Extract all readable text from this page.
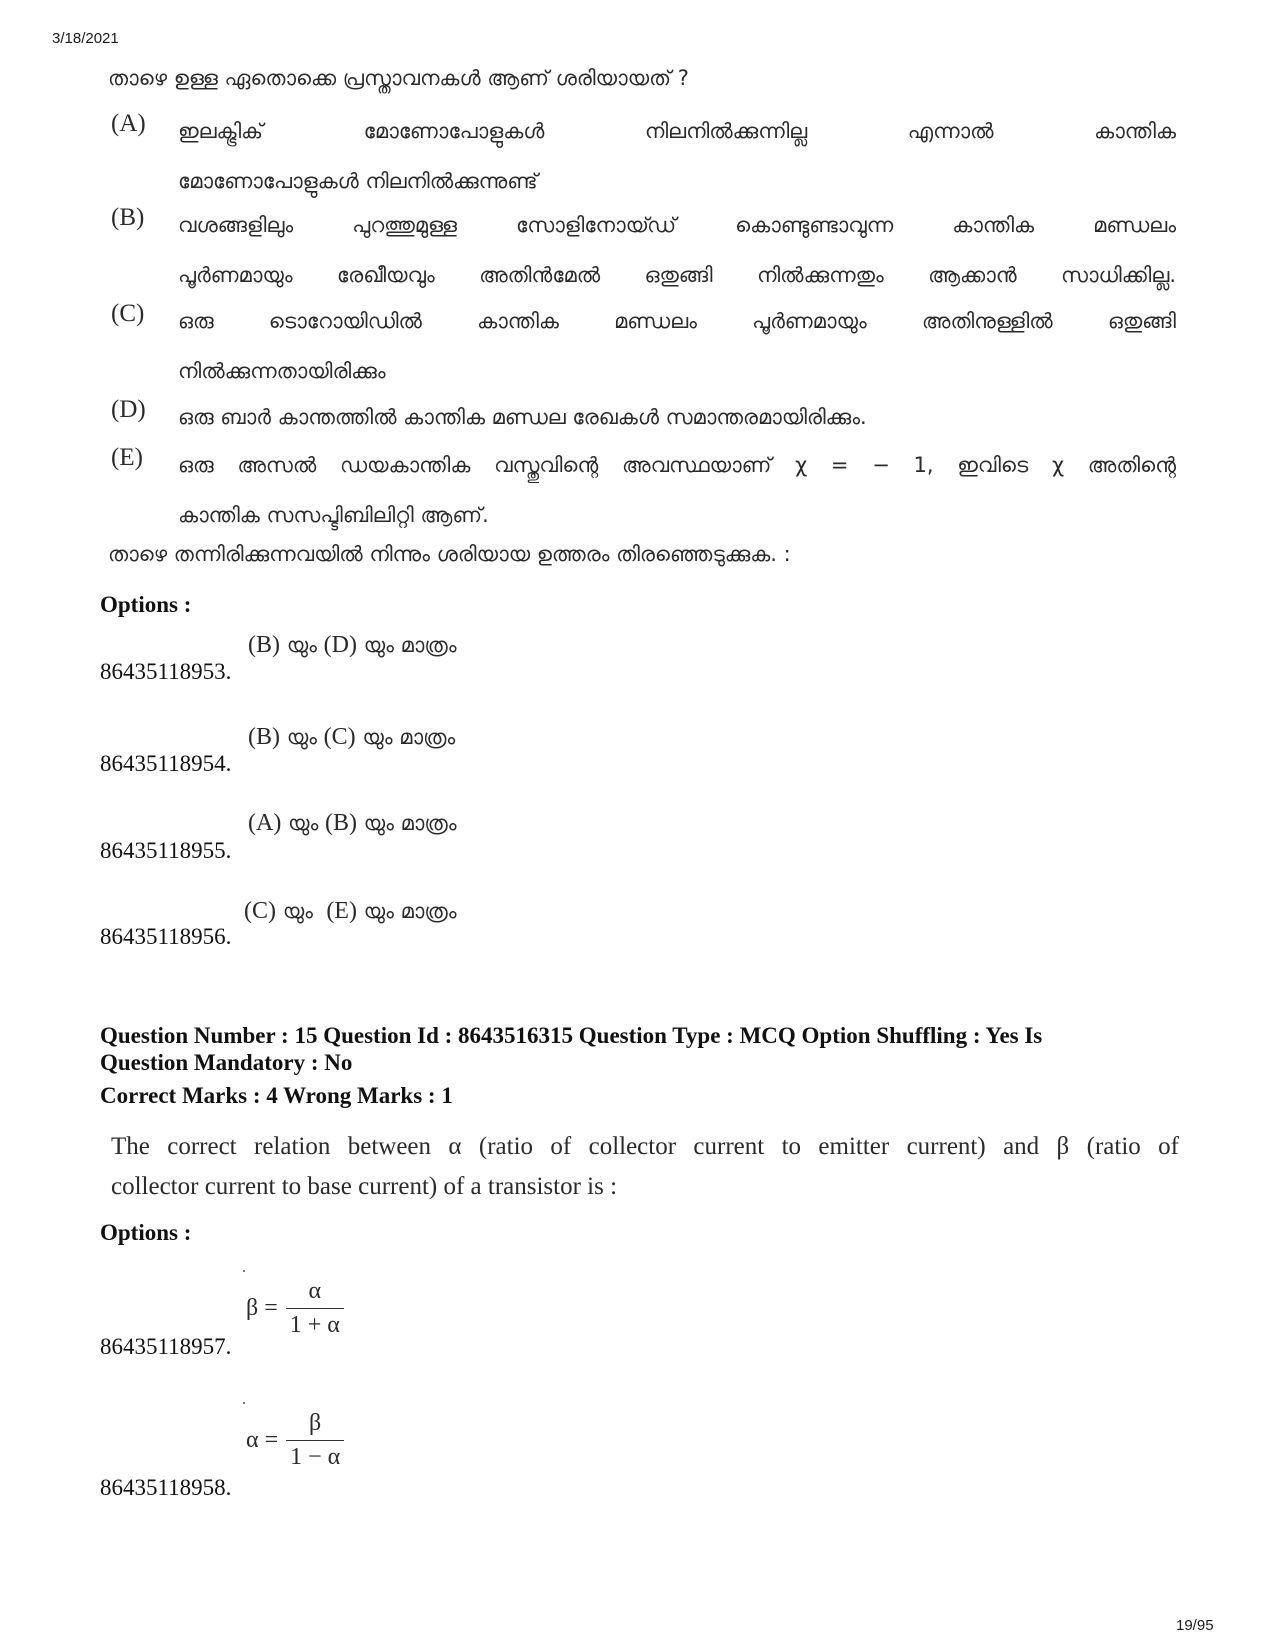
3/18/2021
19/95
താഴെ ഉള്ള ഏതൊക്കെ പ്രസ്താവനകൾ ആണ് ശരിയായത് ?
(A) ഇലക്ട്രിക് മോണോപോളുകൾ നിലനിൽക്കുന്നില്ല എന്നാൽ കാന്തിക
മോണോപോളുകൾ നിലനിൽക്കുന്നുണ്ട്
(B) വശങ്ങളിലും പുറത്തുമുള്ള സോളിനോയ്ഡ് കൊണ്ടുണ്ടാവുന്ന കാന്തിക മണ്ഡലം
പൂർണമായും രേഖീയവും അതിൻമേൽ ഒതുങ്ങി നിൽക്കുന്നതും ആക്കാൻ സാധിക്കില്ല.
(C) ഒരു ടൊറോയിഡിൽ കാന്തിക മണ്ഡലം പൂർണമായും അതിനുള്ളിൽ ഒതുങ്ങി
നിൽക്കുന്നതായിരിക്കും
(D) ഒരു ബാർ കാന്തത്തിൽ കാന്തിക മണ്ഡല രേഖകൾ സമാന്തരമായിരിക്കും.
(E) ഒരു അസൽ ഡയകാന്തിക വസ്തുവിന്റെ അവസ്ഥയാണ് χ = − 1, ഇവിടെ χ അതിന്റെ
കാന്തിക സസപ്ടിബിലിറ്റി ആണ്.
താഴെ തന്നിരിക്കുന്നവയിൽ നിന്നും ശരിയായ ഉത്തരം തിരഞ്ഞെടുക്കുക. :
Options :
86435118953.
(B) യും (D) യും മാത്രം
86435118954.
(B) യും (C) യും മാത്രം
86435118955.
(A) യും (B) യും മാത്രം
86435118956.
(C) യും (E) യും മാത്രം
Question Number : 15 Question Id : 8643516315 Question Type : MCQ Option Shuffling : Yes Is
Question Mandatory : No
Correct Marks : 4 Wrong Marks : 1
The correct relation between α (ratio of collector current to emitter current) and β (ratio of
collector current to base current) of a transistor is :
Options :
$\beta = \frac{\alpha}{1 + \alpha}$
86435118957.
$\alpha = \frac{\beta}{1 - \alpha}$
86435118958.
